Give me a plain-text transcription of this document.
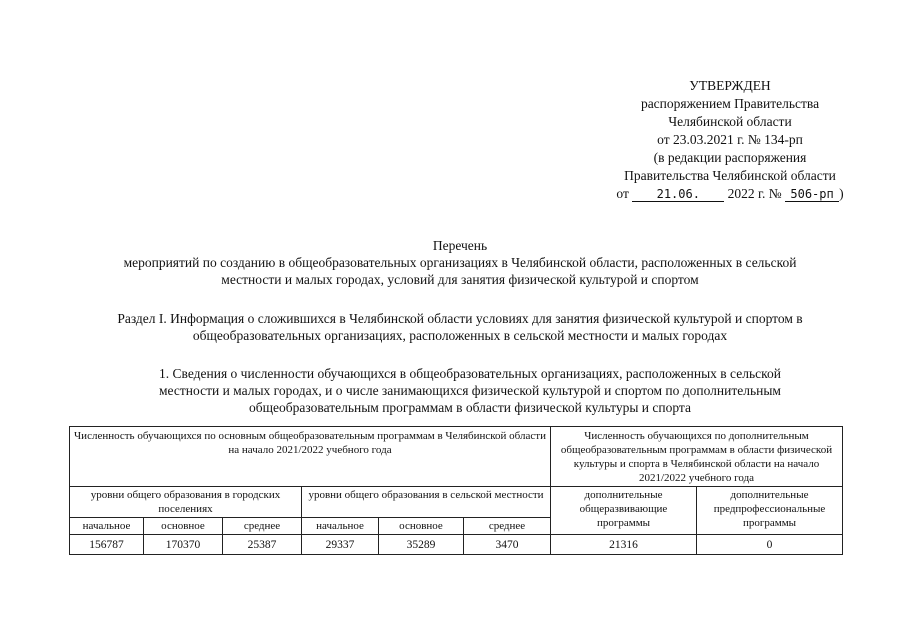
УТВЕРЖДЕН
распоряжением Правительства
Челябинской области
от 23.03.2021 г. № 134-рп
(в редакции распоряжения
Правительства Челябинской области
от 21.06. 2022 г. № 506-рп )
Перечень
мероприятий по созданию в общеобразовательных организациях в Челябинской области, расположенных в сельской
местности и малых городах, условий для занятия физической культурой и спортом
Раздел I. Информация о сложившихся в Челябинской области условиях для занятия физической культурой и спортом в
общеобразовательных организациях, расположенных в сельской местности и малых городах
1. Сведения о численности обучающихся в общеобразовательных организациях, расположенных в сельской
местности и малых городах, и о числе занимающихся физической культурой и спортом по дополнительным
общеобразовательным программам в области физической культуры и спорта
Численность обучающихся по основным общеобразовательным программам в Челябинской области на начало 2021/2022 учебного года						Численность обучающихся по дополнительным общеобразовательным программам в области физической культуры и спорта в Челябинской области на начало 2021/2022 учебного года	
уровни общего образования в городских поселениях			уровни общего образования в сельской местности			дополнительные общеразвивающие программы	дополнительные предпрофессиональные программы
начальное	основное	среднее	начальное	основное	среднее		
156787	170370	25387	29337	35289	3470	21316	0
